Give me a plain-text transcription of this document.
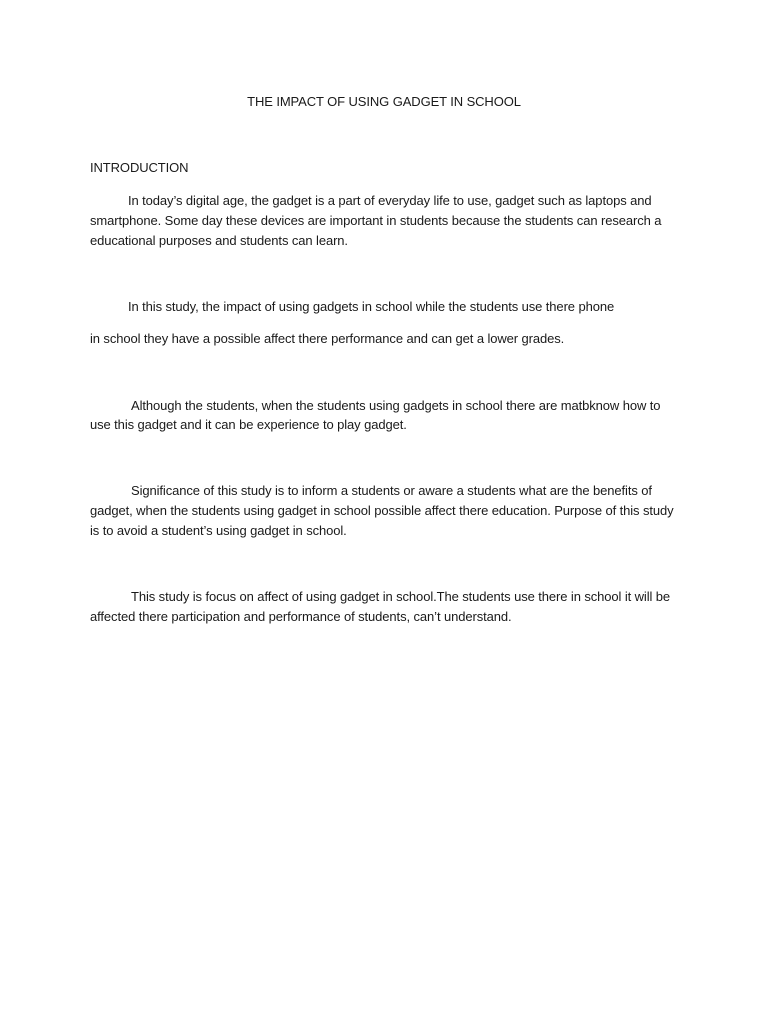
THE IMPACT OF USING GADGET IN SCHOOL
INTRODUCTION
In today’s digital age, the gadget is a part of everyday life to use, gadget such as laptops and
smartphone. Some day these devices are important in students because the students can research a
educational purposes and students can learn.
In this study, the impact of using gadgets in school while the students use there phone
in school they have a possible affect there performance and can get a lower grades.
Although the students, when the students using gadgets in school there are matbknow how to
use this gadget and it can be experience to play gadget.
Significance of this study is to inform a students or aware a students what are the benefits of
gadget, when the students using gadget in school possible affect there education. Purpose of this study
is to avoid a student’s using gadget in school.
This study is focus on affect of using gadget in school.The students use there in school it will be
affected there participation and performance of students, can’t understand.
